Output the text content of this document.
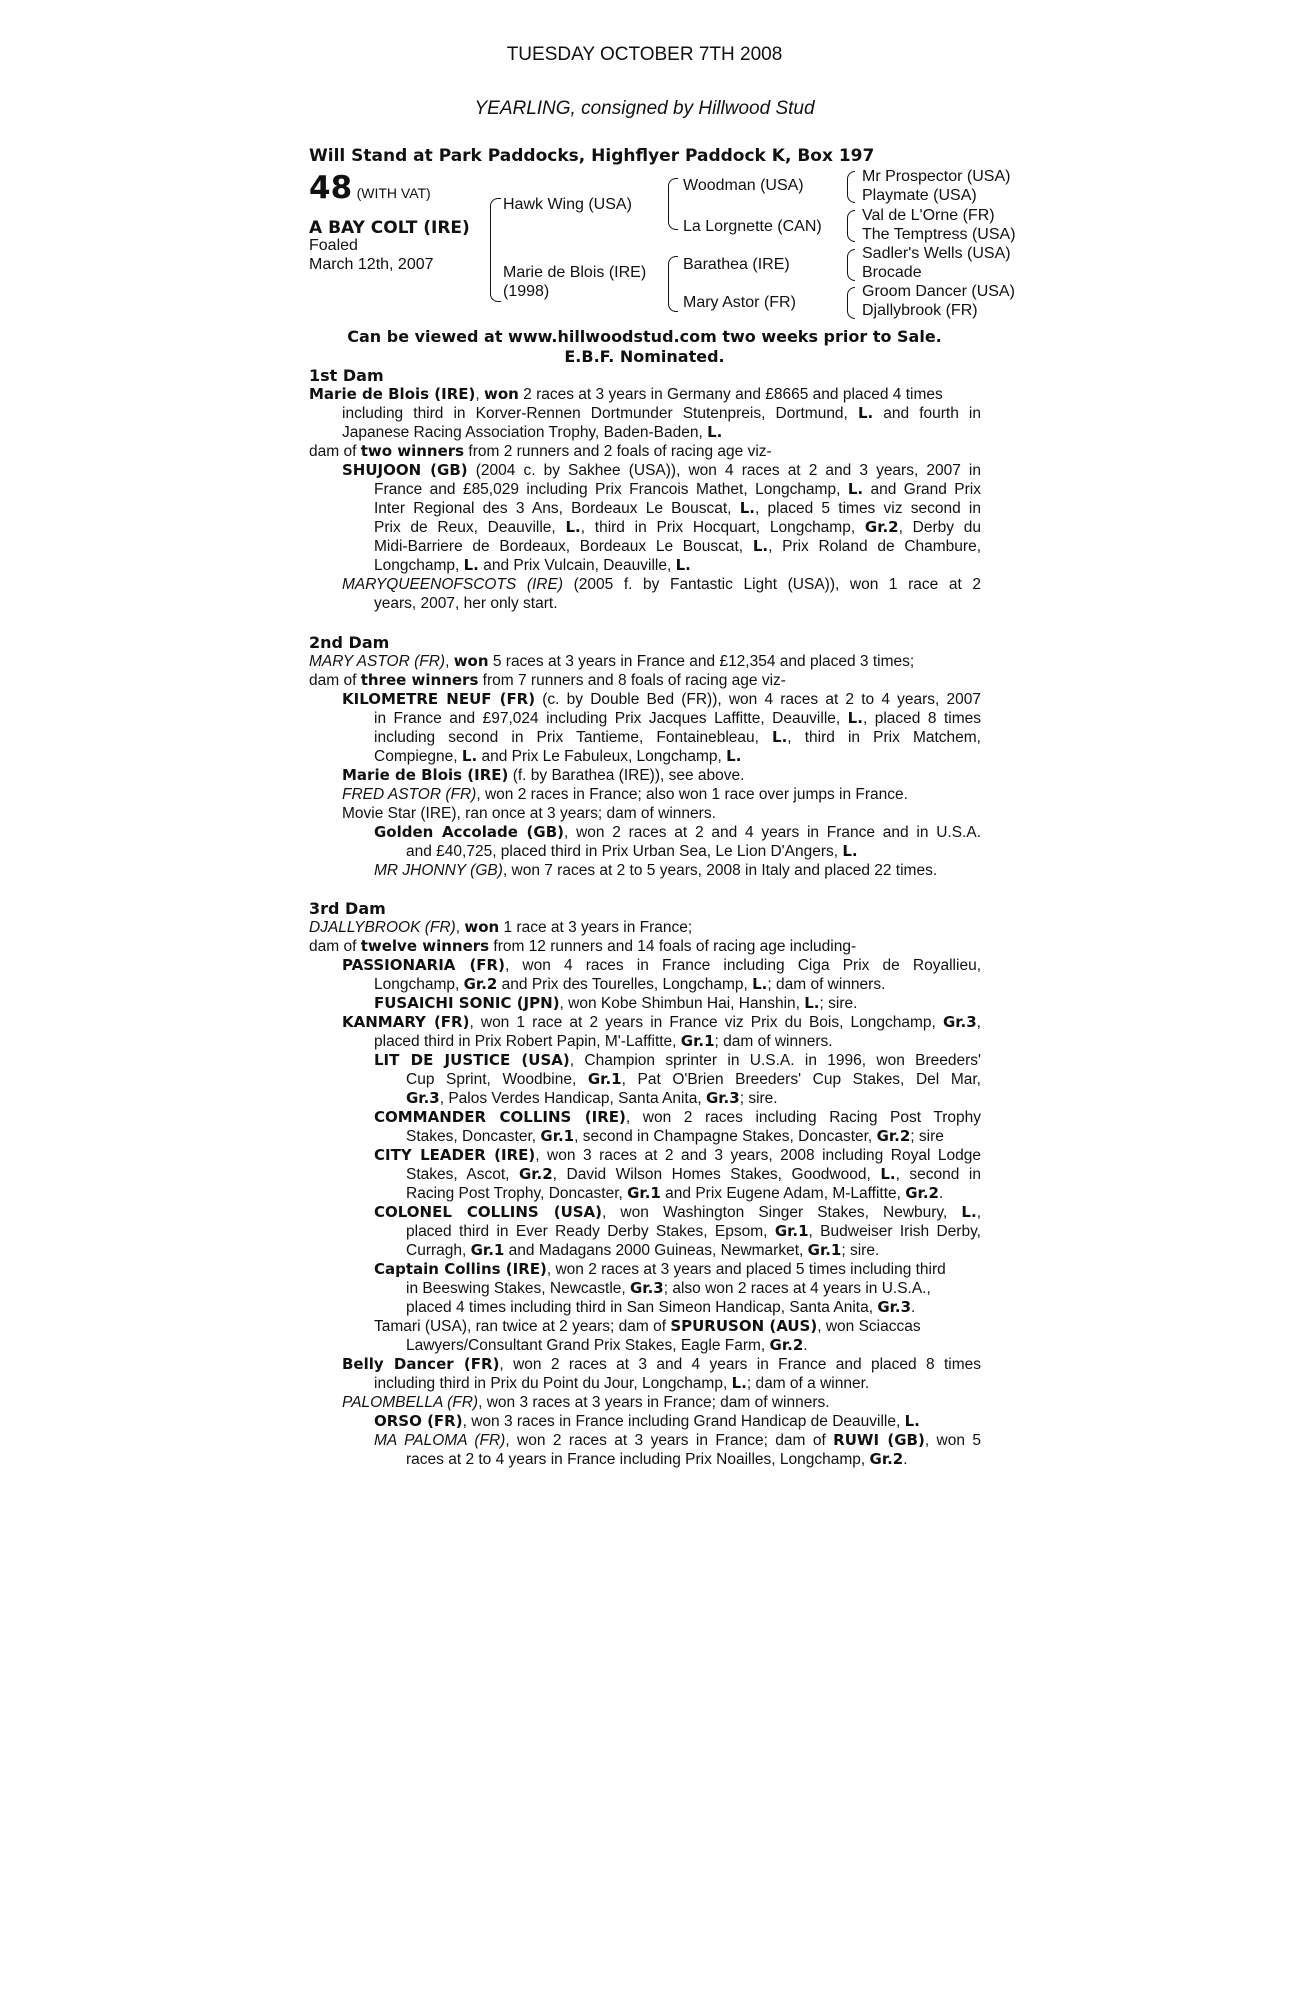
TUESDAY OCTOBER 7TH 2008
YEARLING, consigned by Hillwood Stud
Will Stand at Park Paddocks, Highflyer Paddock K, Box 197
48 (WITH VAT)
A BAY COLT (IRE)
Foaled
March 12th, 2007
Hawk Wing (USA)
Marie de Blois (IRE)
(1998)
Woodman (USA)
La Lorgnette (CAN)
Barathea (IRE)
Mary Astor (FR)
Mr Prospector (USA)
Playmate (USA)
Val de L'Orne (FR)
The Temptress (USA)
Sadler's Wells (USA)
Brocade
Groom Dancer (USA)
Djallybrook (FR)
Can be viewed at www.hillwoodstud.com two weeks prior to Sale.
E.B.F. Nominated.
1st Dam

Marie de Blois (IRE), won 2 races at 3 years in Germany and £8665 and placed 4 times

including third in Korver-Rennen Dortmunder Stutenpreis, Dortmund, L. and fourth in

Japanese Racing Association Trophy, Baden-Baden, L.

dam of two winners from 2 runners and 2 foals of racing age viz-

SHUJOON (GB) (2004 c. by Sakhee (USA)), won 4 races at 2 and 3 years, 2007 in

France and £85,029 including Prix Francois Mathet, Longchamp, L. and Grand Prix

Inter Regional des 3 Ans, Bordeaux Le Bouscat, L., placed 5 times viz second in

Prix de Reux, Deauville, L., third in Prix Hocquart, Longchamp, Gr.2, Derby du

Midi-Barriere de Bordeaux, Bordeaux Le Bouscat, L., Prix Roland de Chambure,

Longchamp, L. and Prix Vulcain, Deauville, L.

MARYQUEENOFSCOTS (IRE) (2005 f. by Fantastic Light (USA)), won 1 race at 2

years, 2007, her only start.

2nd Dam

MARY ASTOR (FR), won 5 races at 3 years in France and £12,354 and placed 3 times;

dam of three winners from 7 runners and 8 foals of racing age viz-

KILOMETRE NEUF (FR) (c. by Double Bed (FR)), won 4 races at 2 to 4 years, 2007

in France and £97,024 including Prix Jacques Laffitte, Deauville, L., placed 8 times

including second in Prix Tantieme, Fontainebleau, L., third in Prix Matchem,

Compiegne, L. and Prix Le Fabuleux, Longchamp, L.

Marie de Blois (IRE) (f. by Barathea (IRE)), see above.

FRED ASTOR (FR), won 2 races in France; also won 1 race over jumps in France.

Movie Star (IRE), ran once at 3 years; dam of winners.

Golden Accolade (GB), won 2 races at 2 and 4 years in France and in U.S.A.

and £40,725, placed third in Prix Urban Sea, Le Lion D'Angers, L.

MR JHONNY (GB), won 7 races at 2 to 5 years, 2008 in Italy and placed 22 times.

3rd Dam

DJALLYBROOK (FR), won 1 race at 3 years in France;

dam of twelve winners from 12 runners and 14 foals of racing age including-

PASSIONARIA (FR), won 4 races in France including Ciga Prix de Royallieu,

Longchamp, Gr.2 and Prix des Tourelles, Longchamp, L.; dam of winners.

FUSAICHI SONIC (JPN), won Kobe Shimbun Hai, Hanshin, L.; sire.

KANMARY (FR), won 1 race at 2 years in France viz Prix du Bois, Longchamp, Gr.3,

placed third in Prix Robert Papin, M'-Laffitte, Gr.1; dam of winners.

LIT DE JUSTICE (USA), Champion sprinter in U.S.A. in 1996, won Breeders'

Cup Sprint, Woodbine, Gr.1, Pat O'Brien Breeders' Cup Stakes, Del Mar,

Gr.3, Palos Verdes Handicap, Santa Anita, Gr.3; sire.

COMMANDER COLLINS (IRE), won 2 races including Racing Post Trophy

Stakes, Doncaster, Gr.1, second in Champagne Stakes, Doncaster, Gr.2; sire

CITY LEADER (IRE), won 3 races at 2 and 3 years, 2008 including Royal Lodge

Stakes, Ascot, Gr.2, David Wilson Homes Stakes, Goodwood, L., second in

Racing Post Trophy, Doncaster, Gr.1 and Prix Eugene Adam, M-Laffitte, Gr.2.

COLONEL COLLINS (USA), won Washington Singer Stakes, Newbury, L.,

placed third in Ever Ready Derby Stakes, Epsom, Gr.1, Budweiser Irish Derby,

Curragh, Gr.1 and Madagans 2000 Guineas, Newmarket, Gr.1; sire.

Captain Collins (IRE), won 2 races at 3 years and placed 5 times including third

in Beeswing Stakes, Newcastle, Gr.3; also won 2 races at 4 years in U.S.A.,

placed 4 times including third in San Simeon Handicap, Santa Anita, Gr.3.

Tamari (USA), ran twice at 2 years; dam of SPURUSON (AUS), won Sciaccas

Lawyers/Consultant Grand Prix Stakes, Eagle Farm, Gr.2.

Belly Dancer (FR), won 2 races at 3 and 4 years in France and placed 8 times

including third in Prix du Point du Jour, Longchamp, L.; dam of a winner.

PALOMBELLA (FR), won 3 races at 3 years in France; dam of winners.

ORSO (FR), won 3 races in France including Grand Handicap de Deauville, L.

MA PALOMA (FR), won 2 races at 3 years in France; dam of RUWI (GB), won 5

races at 2 to 4 years in France including Prix Noailles, Longchamp, Gr.2.
